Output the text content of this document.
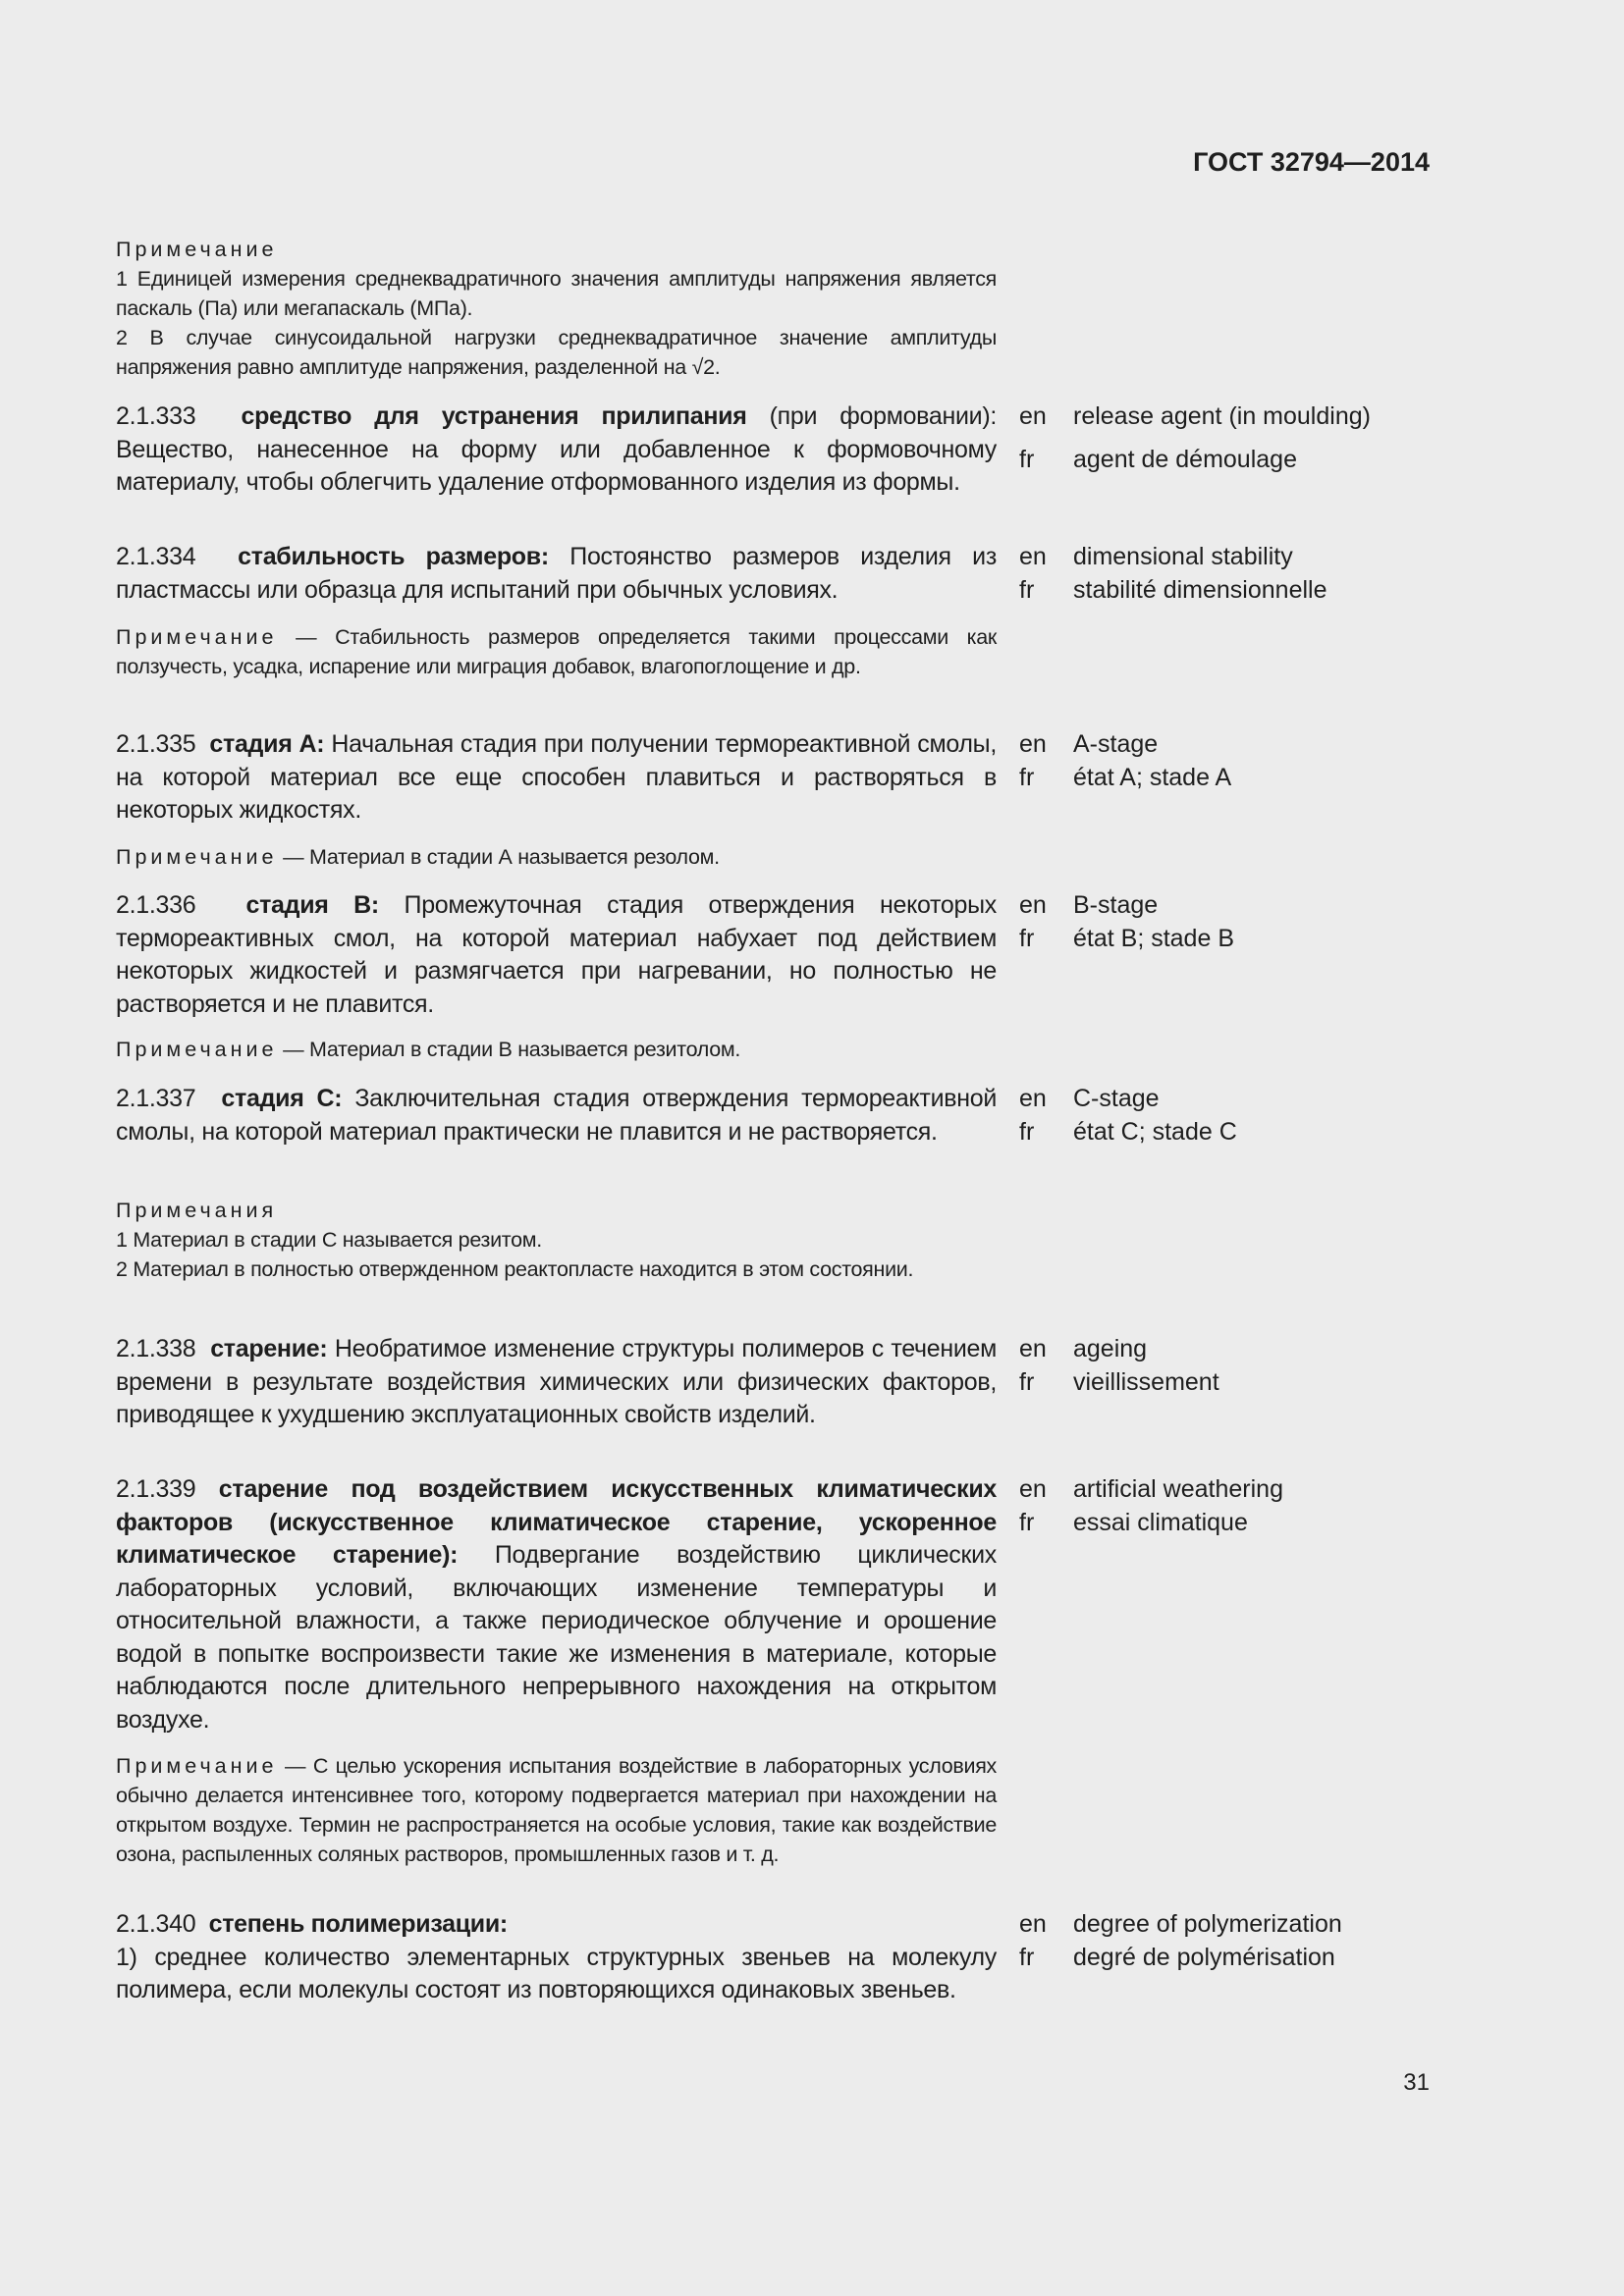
ГОСТ 32794—2014
Примечание
1 Единицей измерения среднеквадратичного значения амплитуды напряжения является паскаль (Па) или мегапаскаль (МПа).
2 В случае синусоидальной нагрузки среднеквадратичное значение амплитуды напряжения равно амплитуде напряжения, разделенной на √2.
2.1.333 средство для устранения прилипания (при формовании): Вещество, нанесенное на форму или добавленное к формовочному материалу, чтобы облегчить удаление отформованного изделия из формы.
en release agent (in moulding)
fr agent de démoulage
2.1.334 стабильность размеров: Постоянство размеров изделия из пластмассы или образца для испытаний при обычных условиях.
en dimensional stability
fr stabilité dimensionnelle
Примечание — Стабильность размеров определяется такими процессами как ползучесть, усадка, испарение или миграция добавок, влагопоглощение и др.
2.1.335 стадия А: Начальная стадия при получении термореактивной смолы, на которой материал все еще способен плавиться и растворяться в некоторых жидкостях.
en A-stage
fr état A; stade A
Примечание — Материал в стадии А называется резолом.
2.1.336 стадия В: Промежуточная стадия отверждения некоторых термореактивных смол, на которой материал набухает под действием некоторых жидкостей и размягчается при нагревании, но полностью не растворяется и не плавится.
en B-stage
fr état B; stade B
Примечание — Материал в стадии В называется резитолом.
2.1.337 стадия С: Заключительная стадия отверждения термореактивной смолы, на которой материал практически не плавится и не растворяется.
en C-stage
fr état C; stade C
Примечания
1 Материал в стадии С называется резитом.
2 Материал в полностью отвержденном реактопласте находится в этом состоянии.
2.1.338 старение: Необратимое изменение структуры полимеров с течением времени в результате воздействия химических или физических факторов, приводящее к ухудшению эксплуатационных свойств изделий.
en ageing
fr vieillissement
2.1.339 старение под воздействием искусственных климатических факторов (искусственное климатическое старение, ускоренное климатическое старение): Подвергание воздействию циклических лабораторных условий, включающих изменение температуры и относительной влажности, а также периодическое облучение и орошение водой в попытке воспроизвести такие же изменения в материале, которые наблюдаются после длительного непрерывного нахождения на открытом воздухе.
en artificial weathering
fr essai climatique
Примечание — С целью ускорения испытания воздействие в лабораторных условиях обычно делается интенсивнее того, которому подвергается материал при нахождении на открытом воздухе. Термин не распространяется на особые условия, такие как воздействие озона, распыленных соляных растворов, промышленных газов и т. д.
2.1.340 степень полимеризации:
1) среднее количество элементарных структурных звеньев на молекулу полимера, если молекулы состоят из повторяющихся одинаковых звеньев.
en degree of polymerization
fr degré de polymérisation
31
